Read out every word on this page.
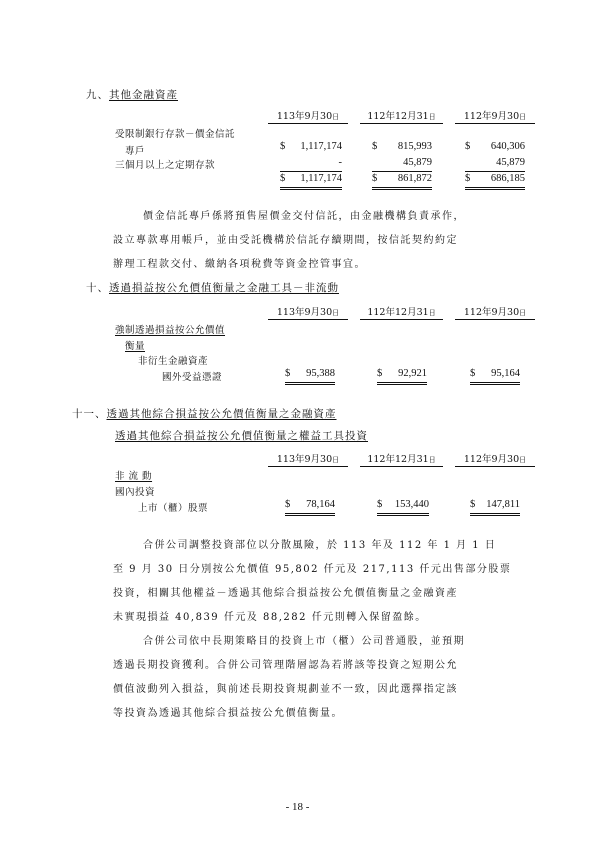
九、其他金融資產
113年9月30日	112年12月31日	112年9月30日
受限制銀行存款－價金信託
專戶	$ 1,117,174	$ 815,993	$ 640,306
三個月以上之定期存款	-	45,879	45,879
$ 1,117,174	$ 861,872	$ 686,185
價金信託專戶係將預售屋價金交付信託，由金融機構負責承作，
設立專款專用帳戶，並由受託機構於信託存續期間，按信託契約約定
辦理工程款交付、繳納各項稅費等資金控管事宜。
十、透過損益按公允價值衡量之金融工具－非流動
113年9月30日	112年12月31日	112年9月30日
強制透過損益按公允價值
衡量
非衍生金融資產
國外受益憑證	$ 95,388	$ 92,921	$ 95,164
十一、透過其他綜合損益按公允價值衡量之金融資產
透過其他綜合損益按公允價值衡量之權益工具投資
113年9月30日	112年12月31日	112年9月30日
非 流 動
國內投資
上市（櫃）股票	$ 78,164	$ 153,440	$ 147,811
合併公司調整投資部位以分散風險，於 113 年及 112 年 1 月 1 日
至 9 月 30 日分別按公允價值 95,802 仟元及 217,113 仟元出售部分股票
投資，相關其他權益－透過其他綜合損益按公允價值衡量之金融資產
未實現損益 40,839 仟元及 88,282 仟元則轉入保留盈餘。
合併公司依中長期策略目的投資上市（櫃）公司普通股，並預期
透過長期投資獲利。合併公司管理階層認為若將該等投資之短期公允
價值波動列入損益，與前述長期投資規劃並不一致，因此選擇指定該
等投資為透過其他綜合損益按公允價值衡量。
- 18 -
